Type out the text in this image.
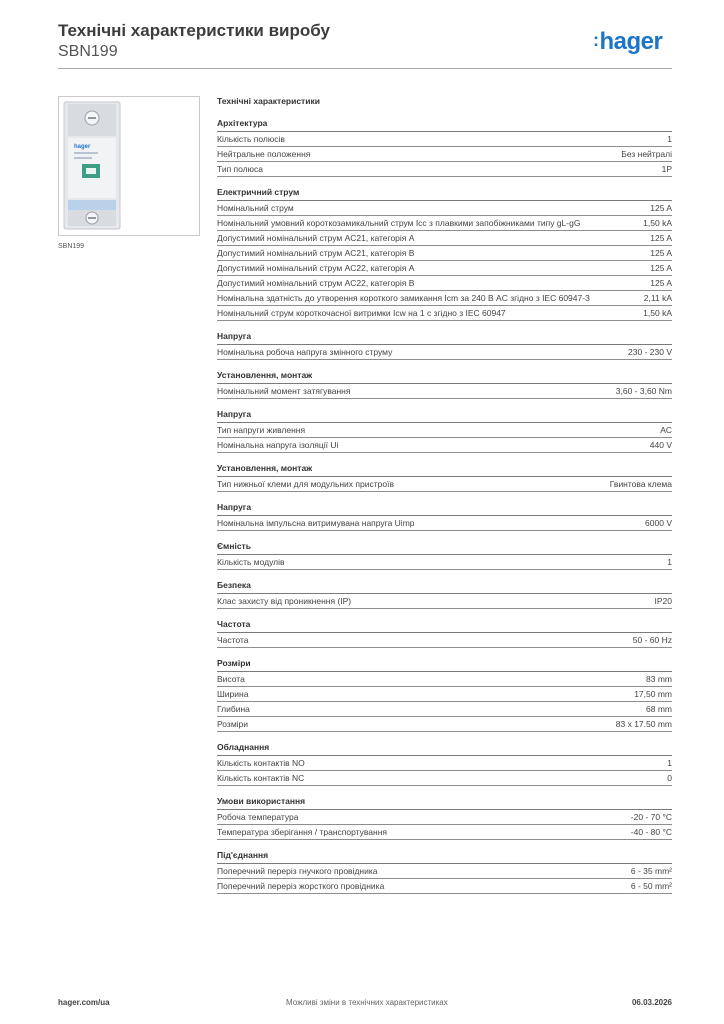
Технічні характеристики виробу
SBN199
:hager
hager
SBN199
Технічні характеристики
Архітектура
Кількість полюсів	1
Нейтральне положення	Без нейтралі
Тип полюса	1P
Електричний струм
Номінальний струм	125 A
Номінальний умовний короткозамикальний струм Icc з плавкими запобіжниками типу gL-gG	1,50 kA
Допустимий номінальний струм AC21, категорія A	125 A
Допустимий номінальний струм AC21, категорія B	125 A
Допустимий номінальний струм AC22, категорія A	125 A
Допустимий номінальний струм AC22, категорія B	125 A
Номінальна здатність до утворення короткого замикання Icm за 240 В AC згідно з IEC 60947-3	2,11 kA
Номінальний струм короткочасної витримки Icw на 1 с згідно з IEC 60947	1,50 kA
Напруга
Номінальна робоча напруга змінного струму	230 - 230 V
Установлення, монтаж
Номінальний момент затягування	3,60 - 3,60 Nm
Напруга
Тип напруги живлення	AC
Номінальна напруга ізоляції Ui	440 V
Установлення, монтаж
Тип нижньої клеми для модульних пристроїв	Гвинтова клема
Напруга
Номінальна імпульсна витримувана напруга Uimp	6000 V
Ємність
Кількість модулів	1
Безпека
Клас захисту від проникнення (IP)	IP20
Частота
Частота	50 - 60 Hz
Розміри
Висота	83 mm
Ширина	17,50 mm
Глибина	68 mm
Розміри	83 x 17.50 mm
Обладнання
Кількість контактів NO	1
Кількість контактів NC	0
Умови використання
Робоча температура	-20 - 70 °C
Температура зберігання / транспортування	-40 - 80 °C
Під'єднання
Поперечний переріз гнучкого провідника	6 - 35 mm²
Поперечний переріз жорсткого провідника	6 - 50 mm²
hager.com/ua	Можливі зміни в технічних характеристиках	06.03.2026
